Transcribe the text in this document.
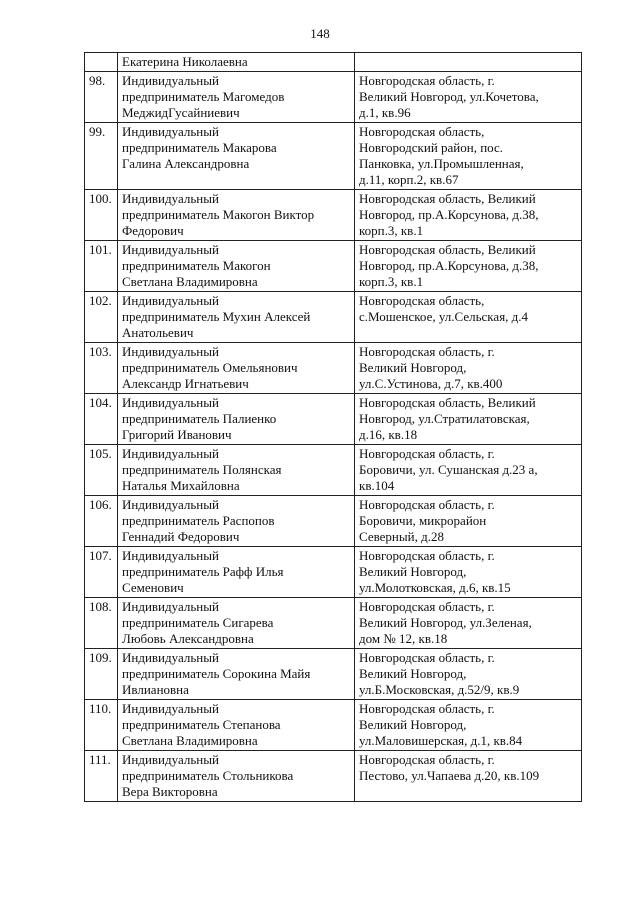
148

	Екатерина Николаевна	

98.	Индивидуальный
предприниматель Магомедов
МеджидГусайниевич	Новгородская область, г.
Великий Новгород, ул.Кочетова,
д.1, кв.96

99.	Индивидуальный
предприниматель Макарова
Галина Александровна	Новгородская область,
Новгородский район, пос.
Панковка, ул.Промышленная,
д.11, корп.2, кв.67

100.	Индивидуальный
предприниматель Макогон Виктор
Федорович	Новгородская область, Великий
Новгород, пр.А.Корсунова, д.38,
корп.3, кв.1

101.	Индивидуальный
предприниматель Макогон
Светлана Владимировна	Новгородская область, Великий
Новгород, пр.А.Корсунова, д.38,
корп.3, кв.1

102.	Индивидуальный
предприниматель Мухин Алексей
Анатольевич	Новгородская область,
с.Мошенское, ул.Сельская, д.4

103.	Индивидуальный
предприниматель Омельянович
Александр Игнатьевич	Новгородская область, г.
Великий Новгород,
ул.С.Устинова, д.7, кв.400

104.	Индивидуальный
предприниматель Палиенко
Григорий Иванович	Новгородская область, Великий
Новгород, ул.Стратилатовская,
д.16, кв.18

105.	Индивидуальный
предприниматель Полянская
Наталья Михайловна	Новгородская область, г.
Боровичи, ул. Сушанская д.23 а,
кв.104

106.	Индивидуальный
предприниматель Распопов
Геннадий Федорович	Новгородская область, г.
Боровичи, микрорайон
Северный, д.28

107.	Индивидуальный
предприниматель Рафф Илья
Семенович	Новгородская область, г.
Великий Новгород,
ул.Молотковская, д.6, кв.15

108.	Индивидуальный
предприниматель Сигарева
Любовь Александровна	Новгородская область, г.
Великий Новгород, ул.Зеленая,
дом № 12, кв.18

109.	Индивидуальный
предприниматель Сорокина Майя
Ивлиановна	Новгородская область, г.
Великий Новгород,
ул.Б.Московская, д.52/9, кв.9

110.	Индивидуальный
предприниматель Степанова
Светлана Владимировна	Новгородская область, г.
Великий Новгород,
ул.Маловишерская, д.1, кв.84

111.	Индивидуальный
предприниматель Стольникова
Вера Викторовна	Новгородская область, г.
Пестово, ул.Чапаева д.20, кв.109
